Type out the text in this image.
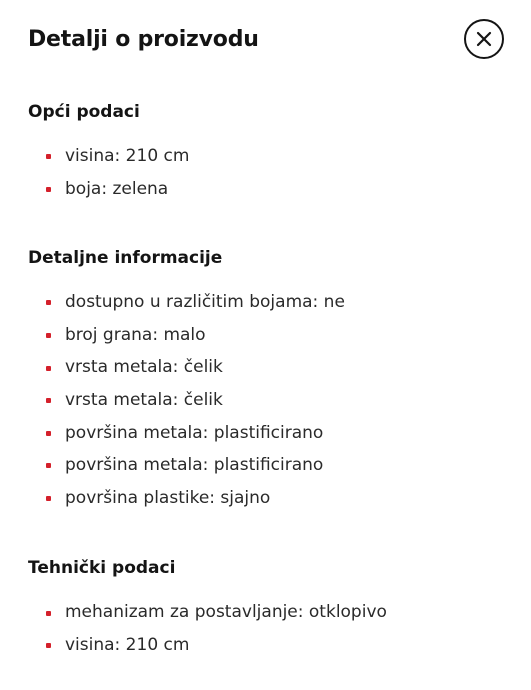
Detalji o proizvodu
Opći podaci
visina: 210 cm
boja: zelena
Detaljne informacije
dostupno u različitim bojama: ne
broj grana: malo
vrsta metala: čelik
vrsta metala: čelik
površina metala: plastificirano
površina metala: plastificirano
površina plastike: sjajno
Tehnički podaci
mehanizam za postavljanje: otklopivo
visina: 210 cm
